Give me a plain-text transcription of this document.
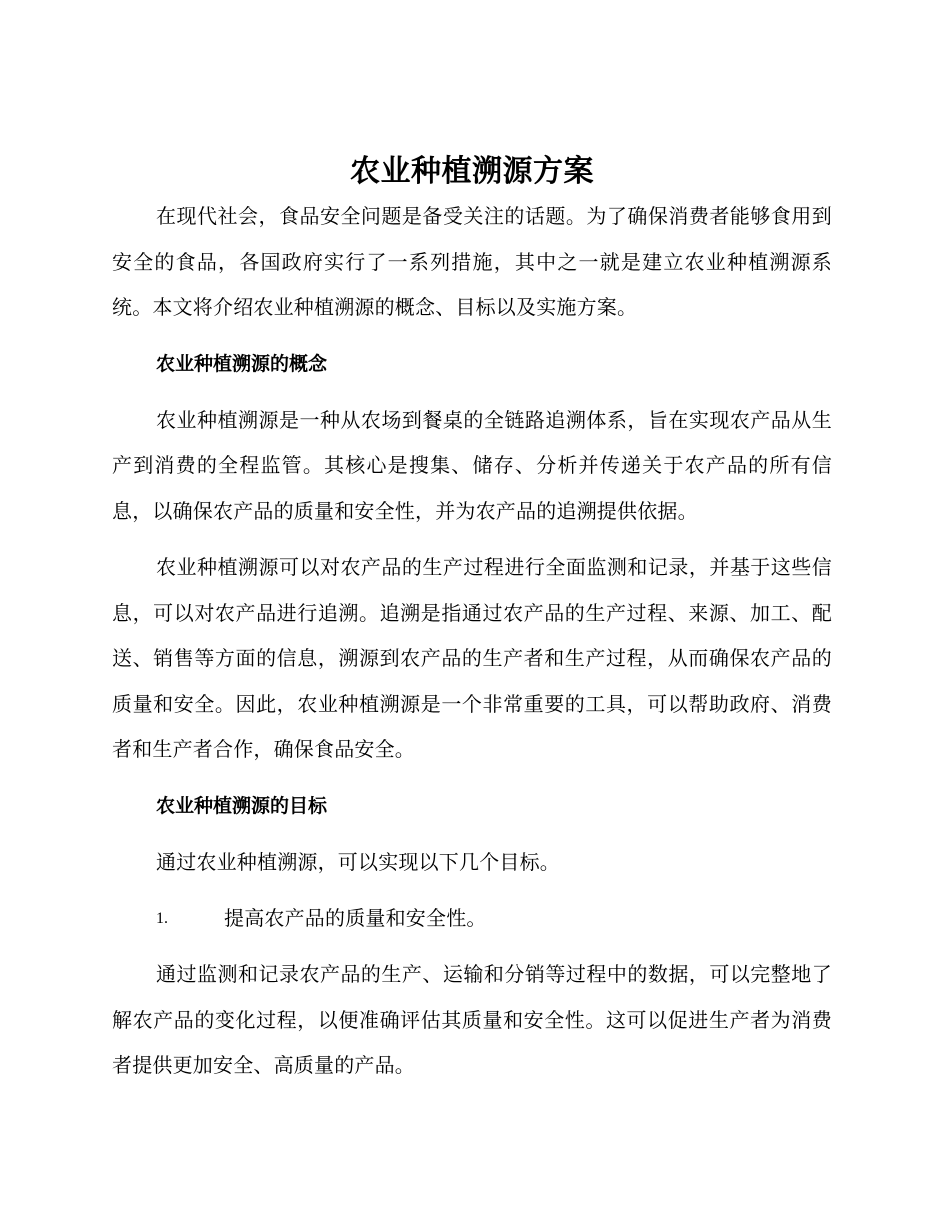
农业种植溯源方案

在现代社会，食品安全问题是备受关注的话题。为了确保消费者能够食用到安全的食品，各国政府实行了一系列措施，其中之一就是建立农业种植溯源系统。本文将介绍农业种植溯源的概念、目标以及实施方案。

农业种植溯源的概念

农业种植溯源是一种从农场到餐桌的全链路追溯体系，旨在实现农产品从生产到消费的全程监管。其核心是搜集、储存、分析并传递关于农产品的所有信息，以确保农产品的质量和安全性，并为农产品的追溯提供依据。

农业种植溯源可以对农产品的生产过程进行全面监测和记录，并基于这些信息，可以对农产品进行追溯。追溯是指通过农产品的生产过程、来源、加工、配送、销售等方面的信息，溯源到农产品的生产者和生产过程，从而确保农产品的质量和安全。因此，农业种植溯源是一个非常重要的工具，可以帮助政府、消费者和生产者合作，确保食品安全。

农业种植溯源的目标

通过农业种植溯源，可以实现以下几个目标。

1.	提高农产品的质量和安全性。

通过监测和记录农产品的生产、运输和分销等过程中的数据，可以完整地了解农产品的变化过程，以便准确评估其质量和安全性。这可以促进生产者为消费者提供更加安全、高质量的产品。
